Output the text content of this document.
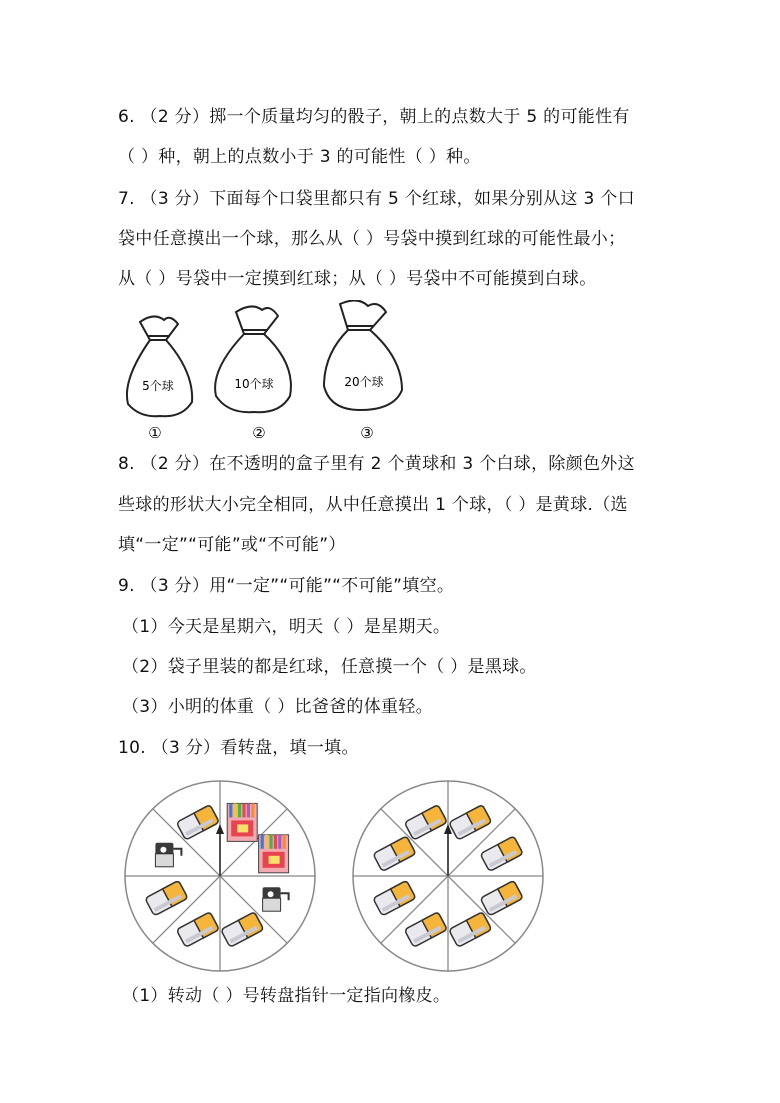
6. （2 分）掷一个质量均匀的骰子，朝上的点数大于 5 的可能性有
（ ）种，朝上的点数小于 3 的可能性（ ）种。
7. （3 分）下面每个口袋里都只有 5 个红球，如果分别从这 3 个口
袋中任意摸出一个球，那么从（ ）号袋中摸到红球的可能性最小；
从（ ）号袋中一定摸到红球；从（ ）号袋中不可能摸到白球。
5个球	10个球	20个球
①	②	③
8. （2 分）在不透明的盒子里有 2 个黄球和 3 个白球，除颜色外这
些球的形状大小完全相同，从中任意摸出 1 个球，（ ）是黄球.（选
填“一定”“可能”或“不可能”）
9. （3 分）用“一定”“可能”“不可能”填空。
（1）今天是星期六，明天（ ）是星期天。
（2）袋子里装的都是红球，任意摸一个（ ）是黑球。
（3）小明的体重（ ）比爸爸的体重轻。
10. （3 分）看转盘，填一填。
（1）转动（ ）号转盘指针一定指向橡皮。
